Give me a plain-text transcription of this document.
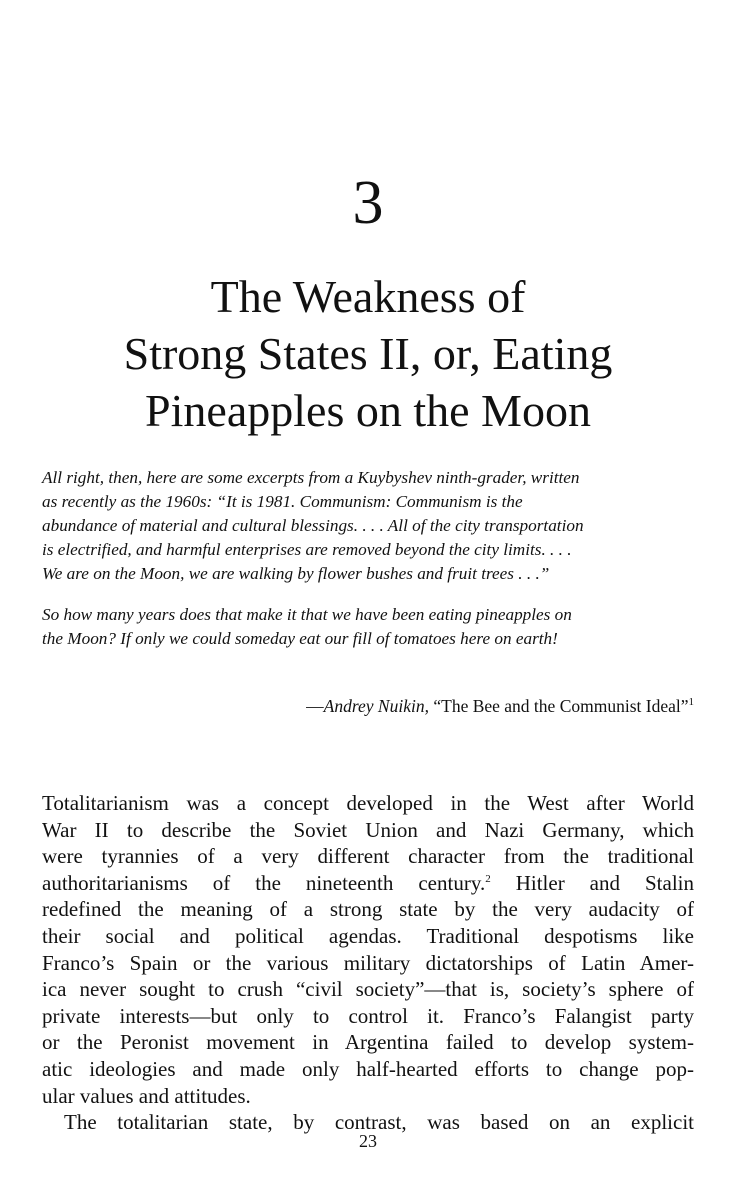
3
The Weakness of
Strong States II, or, Eating
Pineapples on the Moon

All right, then, here are some excerpts from a Kuybyshev ninth-grader, written
as recently as the 1960s: “It is 1981. Communism: Communism is the
abundance of material and cultural blessings. . . . All of the city transportation
is electrified, and harmful enterprises are removed beyond the city limits. . . .
We are on the Moon, we are walking by flower bushes and fruit trees . . .”

So how many years does that make it that we have been eating pineapples on
the Moon? If only we could someday eat our fill of tomatoes here on earth!

—Andrey Nuikin, “The Bee and the Communist Ideal”$^1$
Totalitarianism was a concept developed in the West after World
War II to describe the Soviet Union and Nazi Germany, which
were tyrannies of a very different character from the traditional
authoritarianisms of the nineteenth century.$^2$ Hitler and Stalin
redefined the meaning of a strong state by the very audacity of
their social and political agendas. Traditional despotisms like
Franco’s Spain or the various military dictatorships of Latin Amer-
ica never sought to crush “civil society”—that is, society’s sphere of
private interests—but only to control it. Franco’s Falangist party
or the Peronist movement in Argentina failed to develop system-
atic ideologies and made only half-hearted efforts to change pop-
ular values and attitudes.
The totalitarian state, by contrast, was based on an explicit
23
